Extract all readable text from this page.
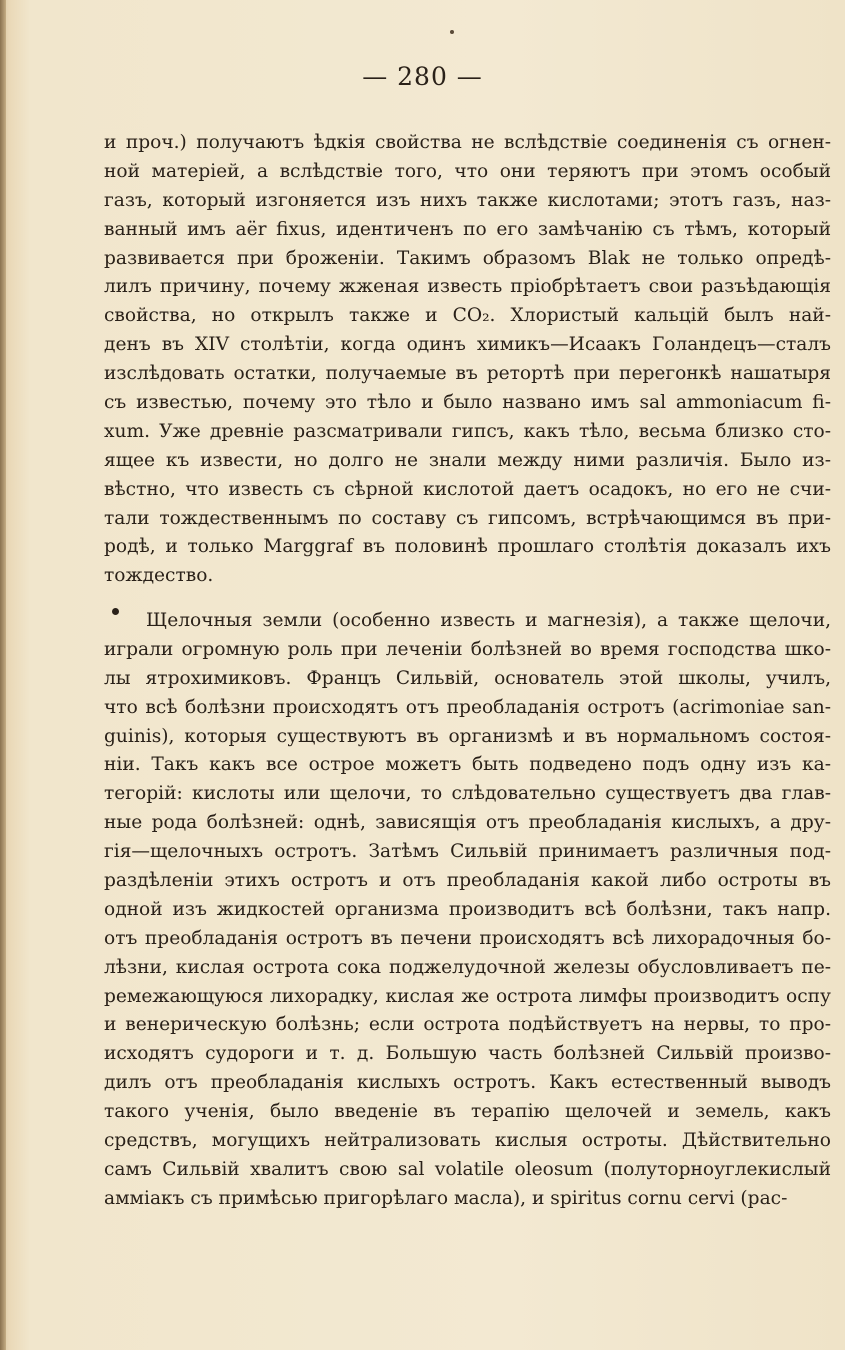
— 280 —
и проч.) получаютъ ѣдкія свойства не вслѣдствіе соединенія съ огнен-
ной матеріей, а вслѣдствіе того, что они теряютъ при этомъ особый
газъ, который изгоняется изъ нихъ также кислотами; этотъ газъ, наз-
ванный имъ aёr fixus, идентиченъ по его замѣчанію съ тѣмъ, который
развивается при броженіи. Такимъ образомъ Blak не только опредѣ-
лилъ причину, почему жженая известь пріобрѣтаетъ свои разъѣдающія
свойства, но открылъ также и CO₂. Хлористый кальцій былъ най-
денъ въ XIV столѣтіи, когда одинъ химикъ—Исаакъ Голандецъ—сталъ
изслѣдовать остатки, получаемые въ ретортѣ при перегонкѣ нашатыря
съ известью, почему это тѣло и было названо имъ sal ammoniacum fi-
xum. Уже древніе разсматривали гипсъ, какъ тѣло, весьма близко сто-
ящее къ извести, но долго не знали между ними различія. Было из-
вѣстно, что известь съ сѣрной кислотой даетъ осадокъ, но его не счи-
тали тождественнымъ по составу съ гипсомъ, встрѣчающимся въ при-
родѣ, и только Marggraf въ половинѣ прошлаго столѣтія доказалъ ихъ
тождество.
Щелочныя земли (особенно известь и магнезія), а также щелочи,
играли огромную роль при леченіи болѣзней во время господства шко-
лы ятрохимиковъ. Францъ Сильвій, основатель этой школы, училъ,
что всѣ болѣзни происходятъ отъ преобладанія остротъ (acrimoniae san-
guinis), которыя существуютъ въ организмѣ и въ нормальномъ состоя-
ніи. Такъ какъ все острое можетъ быть подведено подъ одну изъ ка-
тегорій: кислоты или щелочи, то слѣдовательно существуетъ два глав-
ные рода болѣзней: однѣ, зависящія отъ преобладанія кислыхъ, а дру-
гія—щелочныхъ остротъ. Затѣмъ Сильвій принимаетъ различныя под-
раздѣленіи этихъ остротъ и отъ преобладанія какой либо остроты въ
одной изъ жидкостей организма производитъ всѣ болѣзни, такъ напр.
отъ преобладанія остротъ въ печени происходятъ всѣ лихорадочныя бо-
лѣзни, кислая острота сока поджелудочной железы обусловливаетъ пе-
ремежающуюся лихорадку, кислая же острота лимфы производитъ оспу
и венерическую болѣзнь; если острота подѣйствуетъ на нервы, то про-
исходятъ судороги и т. д. Большую часть болѣзней Сильвій произво-
дилъ отъ преобладанія кислыхъ остротъ. Какъ естественный выводъ
такого ученія, было введеніе въ терапію щелочей и земель, какъ
средствъ, могущихъ нейтрализовать кислыя остроты. Дѣйствительно
самъ Сильвій хвалитъ свою sal volatile oleosum (полуторноуглекислый
амміакъ съ примѣсью пригорѣлаго масла), и spiritus cornu cervi (рас-
